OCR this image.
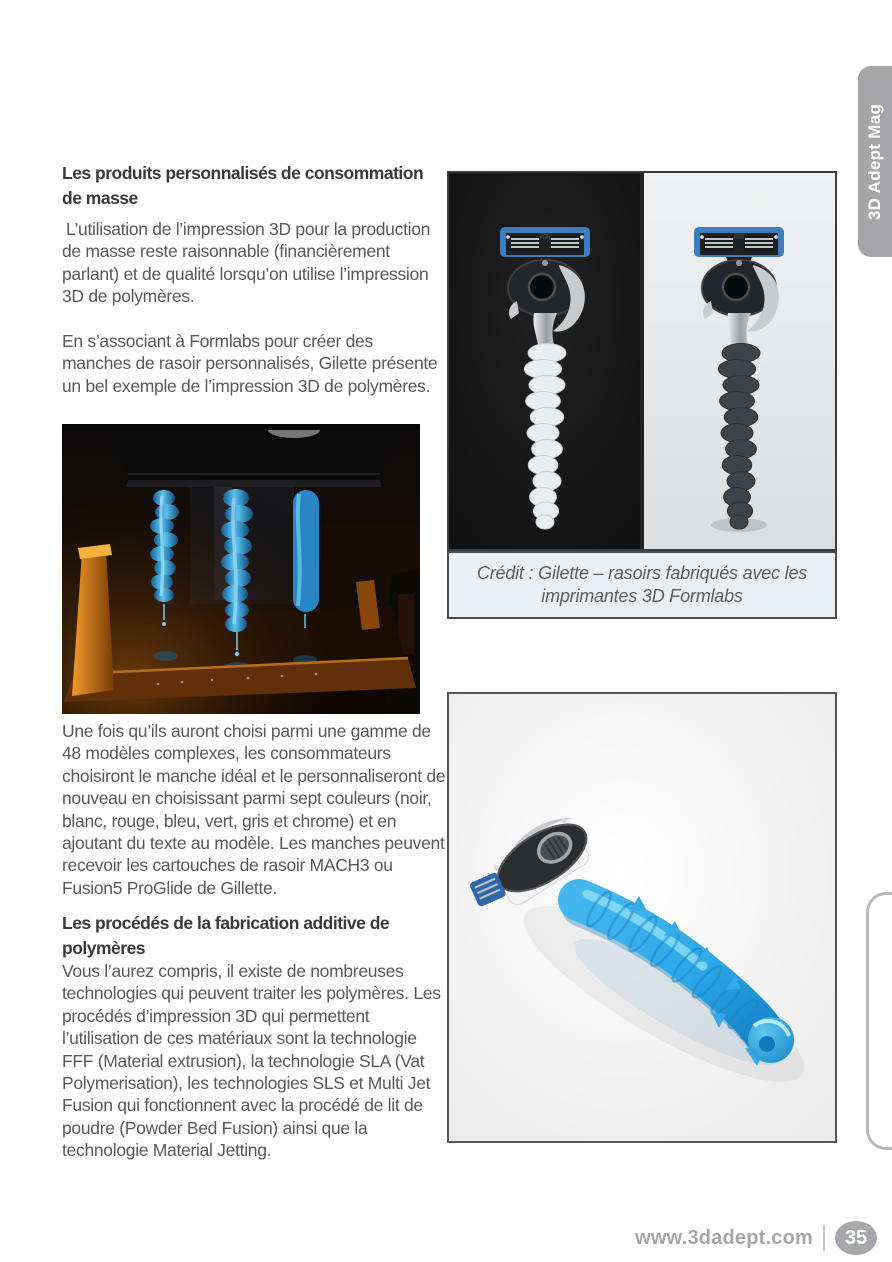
Les produits personnalisés de consommation de masse
L’utilisation de l’impression 3D pour la production de masse reste raisonnable (financièrement parlant) et de qualité lorsqu’on utilise l’impression 3D de polymères.
En s’associant à Formlabs pour créer des manches de rasoir personnalisés, Gilette présente un bel exemple de l’impression 3D de polymères.
Une fois qu’ils auront choisi parmi une gamme de 48 modèles complexes, les consommateurs choisiront le manche idéal et le personnaliseront de nouveau en choisissant parmi sept couleurs (noir, blanc, rouge, bleu, vert, gris et chrome) et en ajoutant du texte au modèle. Les manches peuvent recevoir les cartouches de rasoir MACH3 ou Fusion5 ProGlide de Gillette.
Les procédés de la fabrication additive de polymères
Vous l’aurez compris, il existe de nombreuses technologies qui peuvent traiter les polymères. Les procédés d’impression 3D qui permettent l’utilisation de ces matériaux sont la technologie FFF (Material extrusion), la technologie SLA (Vat Polymerisation), les technologies SLS et Multi Jet Fusion qui fonctionnent avec la procédé de lit de poudre (Powder Bed Fusion) ainsi que la technologie Material Jetting.
Crédit : Gilette – rasoirs fabriqués avec les imprimantes 3D Formlabs
3D Adept Mag
www.3dadept.com	35
